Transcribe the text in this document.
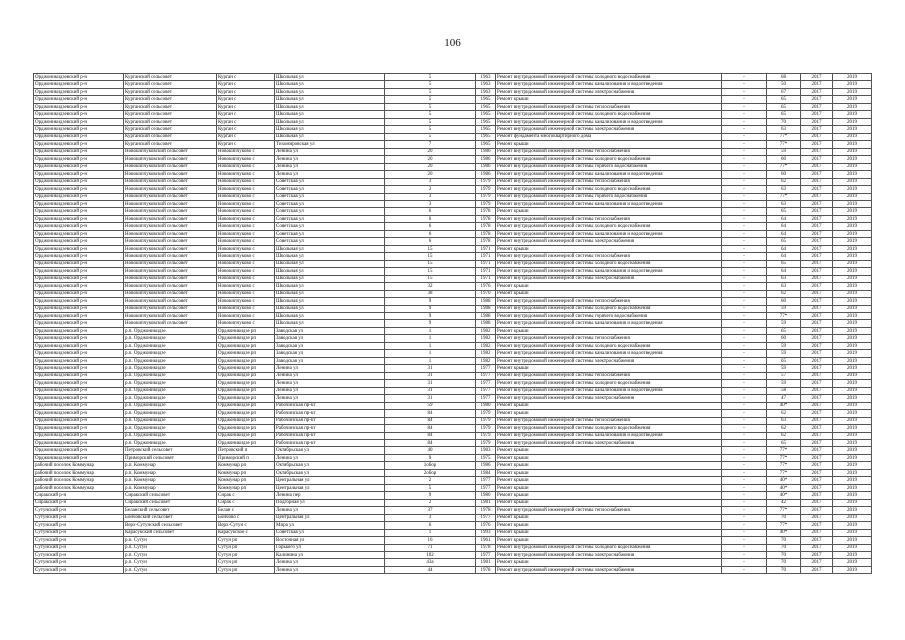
106
Орджоникидзевский р-н	Курганский сельсовет	Курган с	Школьная ул	5	1963	Ремонт внутридомовой инженерной системы холодного водоснабжения	-	68	2017	2019
Орджоникидзевский р-н	Курганский сельсовет	Курган с	Школьная ул	5	1963	Ремонт внутридомовой инженерной системы канализования и водоотведения	-	50	2017	2019
Орджоникидзевский р-н	Курганский сельсовет	Курган с	Школьная ул	5	1963	Ремонт внутридомовой инженерной системы электроснабжения	-	67	2017	2019
Орджоникидзевский р-н	Курганский сельсовет	Курган с	Школьная ул	5	1965	Ремонт крыши	-	65	2017	2019
Орджоникидзевский р-н	Курганский сельсовет	Курган с	Школьная ул	5	1965	Ремонт внутридомовой инженерной системы теплоснабжения	-	65	2017	2019
Орджоникидзевский р-н	Курганский сельсовет	Курган с	Школьная ул	5	1965	Ремонт внутридомовой инженерной системы холодного водоснабжения	-	65	2017	2019
Орджоникидзевский р-н	Курганский сельсовет	Курган с	Школьная ул	5	1965	Ремонт внутридомовой инженерной системы канализования и водоотведения	-	70	2017	2019
Орджоникидзевский р-н	Курганский сельсовет	Курган с	Школьная ул	5	1965	Ремонт внутридомовой инженерной системы электроснабжения	-	63	2017	2019
Орджоникидзевский р-н	Курганский сельсовет	Курган с	Школьная ул	5	1965	Ремонт фундамента многоквартирного дома	-	77*	2017	2019
Орджоникидзевский р-н	Курганский сельсовет	Курган с	Тихомировская ул	7	1965	Ремонт крыши	-	77*	2017	2019
Орджоникидзевский р-н	Новокипчуковский сельсовет	Новокипчуково с	Ленина ул	20	1986	Ремонт внутридомовой инженерной системы теплоснабжения	-	59	2017	2019
Орджоникидзевский р-н	Новокипчуковский сельсовет	Новокипчуково с	Ленина ул	20	1986	Ремонт внутридомовой инженерной системы холодного водоснабжения	-	60	2017	2019
Орджоникидзевский р-н	Новокипчуковский сельсовет	Новокипчуково с	Ленина ул	20	1986	Ремонт внутридомовой инженерной системы горячего водоснабжения	-	77*	2017	2019
Орджоникидзевский р-н	Новокипчуковский сельсовет	Новокипчуково с	Ленина ул	20	1986	Ремонт внутридомовой инженерной системы канализования и водоотведения	-	60	2017	2019
Орджоникидзевский р-н	Новокипчуковский сельсовет	Новокипчуково с	Советская ул	3	1979	Ремонт внутридомовой инженерной системы теплоснабжения	-	62	2017	2019
Орджоникидзевский р-н	Новокипчуковский сельсовет	Новокипчуково с	Советская ул	3	1979	Ремонт внутридомовой инженерной системы холодного водоснабжения	-	63	2017	2019
Орджоникидзевский р-н	Новокипчуковский сельсовет	Новокипчуково с	Советская ул	3	1979	Ремонт внутридомовой инженерной системы горячего водоснабжения	-	77*	2017	2019
Орджоникидзевский р-н	Новокипчуковский сельсовет	Новокипчуково с	Советская ул	3	1979	Ремонт внутридомовой инженерной системы канализования и водоотведения	-	63	2017	2019
Орджоникидзевский р-н	Новокипчуковский сельсовет	Новокипчуково с	Советская ул	6	1978	Ремонт крыши	-	65	2017	2019
Орджоникидзевский р-н	Новокипчуковский сельсовет	Новокипчуково с	Советская ул	6	1978	Ремонт внутридомовой инженерной системы теплоснабжения	-	64	2017	2019
Орджоникидзевский р-н	Новокипчуковский сельсовет	Новокипчуково с	Советская ул	6	1978	Ремонт внутридомовой инженерной системы холодного водоснабжения	-	64	2017	2019
Орджоникидзевский р-н	Новокипчуковский сельсовет	Новокипчуково с	Советская ул	6	1978	Ремонт внутридомовой инженерной системы канализования и водоотведения	-	64	2017	2019
Орджоникидзевский р-н	Новокипчуковский сельсовет	Новокипчуково с	Советская ул	6	1978	Ремонт внутридомовой инженерной системы электроснабжения	-	65	2017	2019
Орджоникидзевский р-н	Новокипчуковский сельсовет	Новокипчуково с	Школьная ул	15	1971	Ремонт крыши	-	64	2017	2019
Орджоникидзевский р-н	Новокипчуковский сельсовет	Новокипчуково с	Школьная ул	15	1971	Ремонт внутридомовой инженерной системы теплоснабжения	-	64	2017	2019
Орджоникидзевский р-н	Новокипчуковский сельсовет	Новокипчуково с	Школьная ул	15	1971	Ремонт внутридомовой инженерной системы холодного водоснабжения	-	65	2017	2019
Орджоникидзевский р-н	Новокипчуковский сельсовет	Новокипчуково с	Школьная ул	15	1971	Ремонт внутридомовой инженерной системы канализования и водоотведения	-	64	2017	2019
Орджоникидзевский р-н	Новокипчуковский сельсовет	Новокипчуково с	Школьная ул	15	1971	Ремонт внутридомовой инженерной системы электроснабжения	-	63	2017	2019
Орджоникидзевский р-н	Новокипчуковский сельсовет	Новокипчуково с	Школьная ул	32	1976	Ремонт крыши	-	63	2017	2019
Орджоникидзевский р-н	Новокипчуковский сельсовет	Новокипчуково с	Школьная ул	38	1970	Ремонт крыши	-	62	2017	2019
Орджоникидзевский р-н	Новокипчуковский сельсовет	Новокипчуково с	Школьная ул	9	1988	Ремонт внутридомовой инженерной системы теплоснабжения	-	60	2017	2019
Орджоникидзевский р-н	Новокипчуковский сельсовет	Новокипчуково с	Школьная ул	9	1988	Ремонт внутридомовой инженерной системы холодного водоснабжения	-	59	2017	2019
Орджоникидзевский р-н	Новокипчуковский сельсовет	Новокипчуково с	Школьная ул	9	1988	Ремонт внутридомовой инженерной системы горячего водоснабжения	-	77*	2017	2019
Орджоникидзевский р-н	Новокипчуковский сельсовет	Новокипчуково с	Школьная ул	9	1988	Ремонт внутридомовой инженерной системы канализования и водоотведения	-	59	2017	2019
Орджоникидзевский р-н	р.п. Орджоникидзе	Орджоникидзе рп	Заводская ул	1	1982	Ремонт крыши	-	65	2017	2019
Орджоникидзевский р-н	р.п. Орджоникидзе	Орджоникидзе рп	Заводская ул	1	1982	Ремонт внутридомовой инженерной системы теплоснабжения	-	60	2017	2019
Орджоникидзевский р-н	р.п. Орджоникидзе	Орджоникидзе рп	Заводская ул	1	1982	Ремонт внутридомовой инженерной системы холодного водоснабжения	-	59	2017	2019
Орджоникидзевский р-н	р.п. Орджоникидзе	Орджоникидзе рп	Заводская ул	1	1982	Ремонт внутридомовой инженерной системы канализования и водоотведения	-	59	2017	2019
Орджоникидзевский р-н	р.п. Орджоникидзе	Орджоникидзе рп	Заводская ул	1	1982	Ремонт внутридомовой инженерной системы электроснабжения	-	65	2017	2019
Орджоникидзевский р-н	р.п. Орджоникидзе	Орджоникидзе рп	Ленина ул	31	1977	Ремонт крыши	-	59	2017	2019
Орджоникидзевский р-н	р.п. Орджоникидзе	Орджоникидзе рп	Ленина ул	31	1977	Ремонт внутридомовой инженерной системы теплоснабжения	-	57	2017	2019
Орджоникидзевский р-н	р.п. Орджоникидзе	Орджоникидзе рп	Ленина ул	31	1977	Ремонт внутридомовой инженерной системы холодного водоснабжения	-	59	2017	2019
Орджоникидзевский р-н	р.п. Орджоникидзе	Орджоникидзе рп	Ленина ул	31	1977	Ремонт внутридомовой инженерной системы канализования и водоотведения	-	58	2017	2019
Орджоникидзевский р-н	р.п. Орджоникидзе	Орджоникидзе рп	Ленина ул	31	1977	Ремонт внутридомовой инженерной системы электроснабжения	-	47	2017	2019
Орджоникидзевский р-н	р.п. Орджоникидзе	Орджоникидзе рп	Рабочинская пр-кт	59	1980	Ремонт крыши	-	40*	2017	2019
Орджоникидзевский р-н	р.п. Орджоникидзе	Орджоникидзе рп	Рабочинская пр-кт	84	1979	Ремонт крыши	-	62	2017	2019
Орджоникидзевский р-н	р.п. Орджоникидзе	Орджоникидзе рп	Рабочинская пр-кт	84	1979	Ремонт внутридомовой инженерной системы теплоснабжения	-	63	2017	2019
Орджоникидзевский р-н	р.п. Орджоникидзе	Орджоникидзе рп	Рабочинская пр-кт	84	1979	Ремонт внутридомовой инженерной системы холодного водоснабжения	-	62	2017	2019
Орджоникидзевский р-н	р.п. Орджоникидзе	Орджоникидзе рп	Рабочинская пр-кт	84	1979	Ремонт внутридомовой инженерной системы канализования и водоотведения	-	62	2017	2019
Орджоникидзевский р-н	р.п. Орджоникидзе	Орджоникидзе рп	Рабочинская пр-кт	84	1979	Ремонт внутридомовой инженерной системы электроснабжения	-	65	2017	2019
Орджоникидзевский р-н	Петровский сельсовет	Петровский п	Октябрьская ул	40	1983	Ремонт крыши	-	77*	2017	2019
Орджоникидзевский р-н	Приморский сельсовет	Приморский п	Ленина ул	9	1975	Ремонт крыши	-	77*	2017	2019
рабочий поселок Коммунар	р.п. Коммунар	Коммунар рп	Октябрьская ул	1обор	1986	Ремонт крыши	-	77*	2017	2019
рабочий поселок Коммунар	р.п. Коммунар	Коммунар рп	Октябрьская ул	2обор	1984	Ремонт крыши	-	77*	2017	2019
рабочий поселок Коммунар	р.п. Коммунар	Коммунар рп	Центральная ул	2	1977	Ремонт крыши	-	40*	2017	2019
рабочий поселок Коммунар	р.п. Коммунар	Коммунар рп	Центральная ул	5	1977	Ремонт крыши	-	40*	2017	2019
Сиракский р-н	Сиракский сельсовет	Сирак с	Ленина пер	9	1980	Ремонт крыши	-	40*	2017	2019
Сиракский р-н	Сиракский сельсовет	Сирак с	Подгорная ул	2	1981	Ремонт крыши	-	42	2017	2019
Сутунский р-н	Беланский сельсовет	Белан с	Ленина ул	37	1978	Ремонт внутридомовой инженерной системы теплоснабжения	-	77*	2017	2019
Сутунский р-н	Бончовский сельсовет	Бончово с	Центральная ул	3	1977	Ремонт крыши	-	70	2017	2019
Сутунский р-н	Верх-Сутунский сельсовет	Верх-Сутун с	Мира ул	6	1976	Ремонт крыши	-	77*	2017	2019
Сутунский р-н	Карасукский сельсовет	Карасукское с	Советская ул	1	1993	Ремонт крыши	-	40*	2017	2019
Сутунский р-н	р.п. Сутун	Сутун рп	Восточная ул	16	1961	Ремонт крыши	-	70	2017	2019
Сутунский р-н	р.п. Сутун	Сутун рп	Горького ул	71	1978	Ремонт внутридомовой инженерной системы холодного водоснабжения	-	70	2017	2019
Сутунский р-н	р.п. Сутун	Сутун рп	Калинина ул	102	1977	Ремонт внутридомовой инженерной системы электроснабжения	-	70	2017	2019
Сутунский р-н	р.п. Сутун	Сутун рп	Ленина ул	43а	1981	Ремонт крыши	-	70	2017	2019
Сутунский р-н	р.п. Сутун	Сутун рп	Ленина ул	44	1978	Ремонт внутридомовой инженерной системы электроснабжения	-	70	2017	2019
